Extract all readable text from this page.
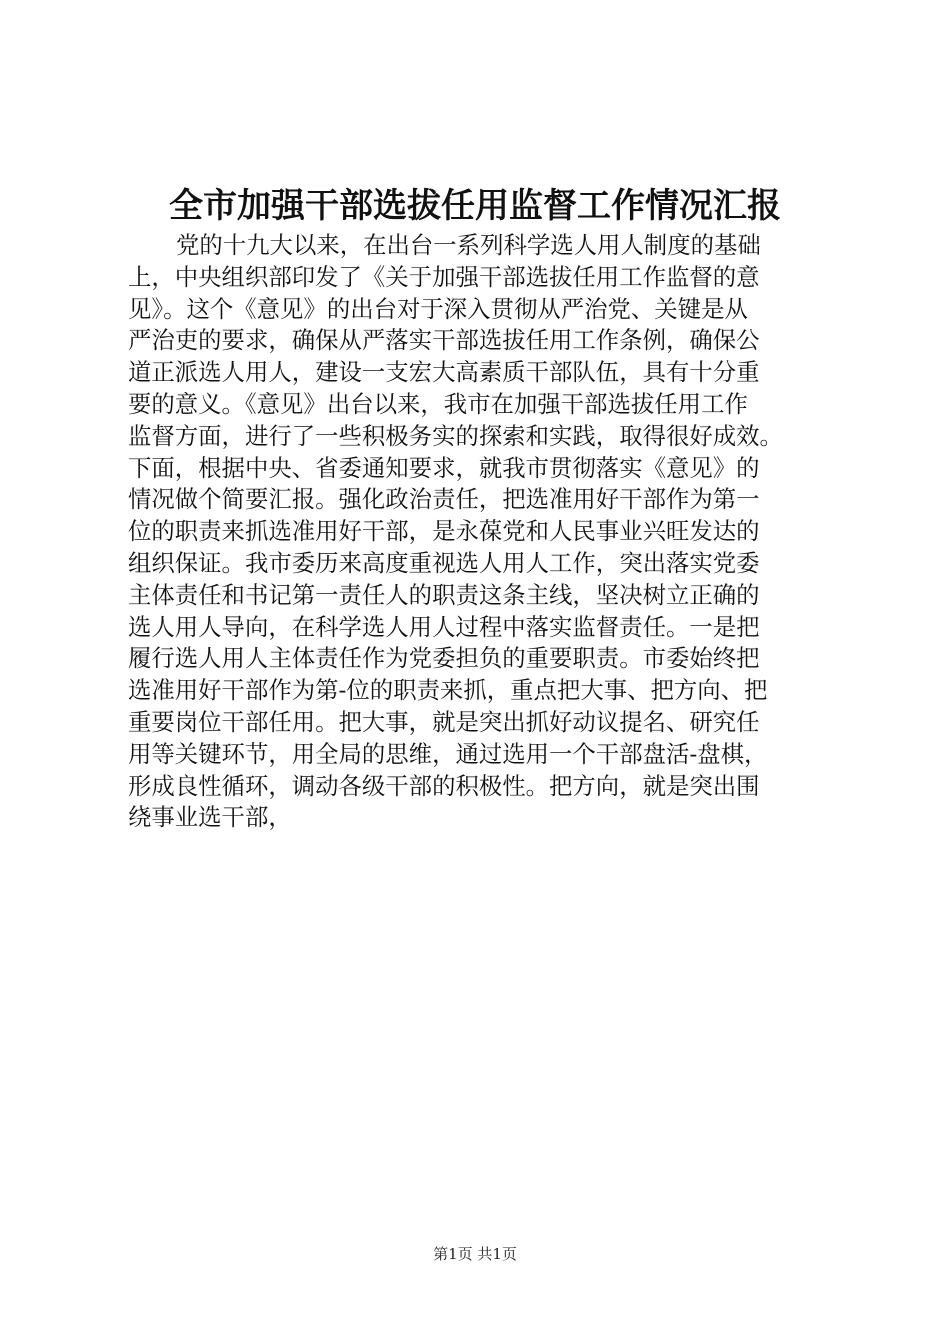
全市加强干部选拔任用监督工作情况汇报
党的十九大以来，在出台一系列科学选人用人制度的基础
上，中央组织部印发了《关于加强干部选拔任用工作监督的意
见》。这个《意见》的出台对于深入贯彻从严治党、关键是从
严治吏的要求，确保从严落实干部选拔任用工作条例，确保公
道正派选人用人，建设一支宏大高素质干部队伍，具有十分重
要的意义。《意见》出台以来，我市在加强干部选拔任用工作
监督方面，进行了一些积极务实的探索和实践，取得很好成效。
下面，根据中央、省委通知要求，就我市贯彻落实《意见》的
情况做个简要汇报。强化政治责任，把选准用好干部作为第一
位的职责来抓选准用好干部，是永葆党和人民事业兴旺发达的
组织保证。我市委历来高度重视选人用人工作，突出落实党委
主体责任和书记第一责任人的职责这条主线，坚决树立正确的
选人用人导向，在科学选人用人过程中落实监督责任。一是把
履行选人用人主体责任作为党委担负的重要职责。市委始终把
选准用好干部作为第-位的职责来抓，重点把大事、把方向、把
重要岗位干部任用。把大事，就是突出抓好动议提名、研究任
用等关键环节，用全局的思维，通过选用一个干部盘活-盘棋，
形成良性循环，调动各级干部的积极性。把方向，就是突出围
绕事业选干部，
第1页 共1页
